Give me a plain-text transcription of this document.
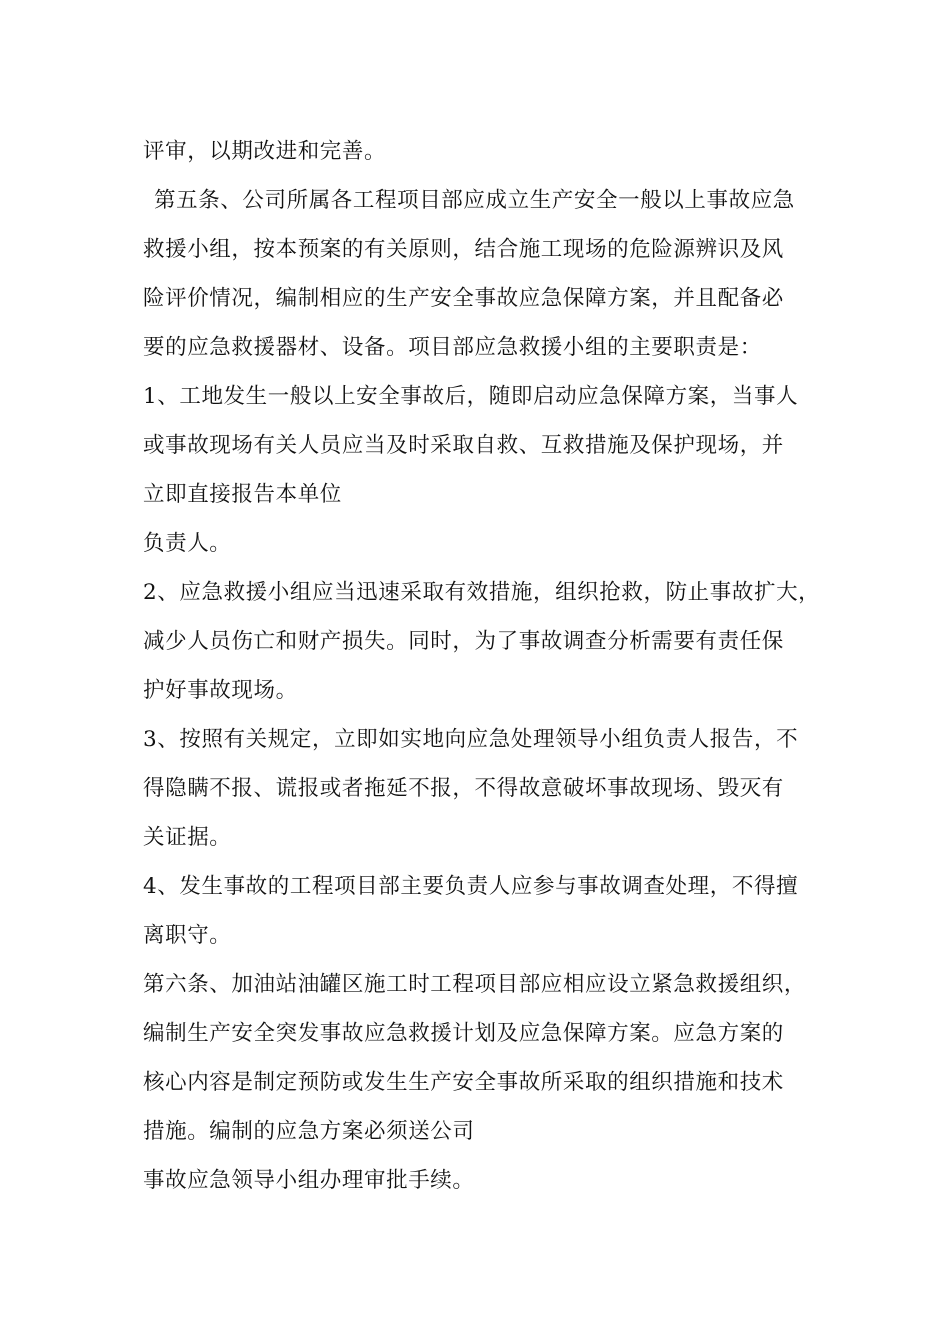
评审，以期改进和完善。
第五条、公司所属各工程项目部应成立生产安全一般以上事故应急
救援小组，按本预案的有关原则，结合施工现场的危险源辨识及风
险评价情况，编制相应的生产安全事故应急保障方案，并且配备必
要的应急救援器材、设备。项目部应急救援小组的主要职责是：
1、工地发生一般以上安全事故后，随即启动应急保障方案，当事人
或事故现场有关人员应当及时采取自救、互救措施及保护现场，并
立即直接报告本单位
负责人。
2、应急救援小组应当迅速采取有效措施，组织抢救，防止事故扩大，
减少人员伤亡和财产损失。同时，为了事故调查分析需要有责任保
护好事故现场。
3、按照有关规定，立即如实地向应急处理领导小组负责人报告，不
得隐瞒不报、谎报或者拖延不报，不得故意破坏事故现场、毁灭有
关证据。
4、发生事故的工程项目部主要负责人应参与事故调查处理，不得擅
离职守。
第六条、加油站油罐区施工时工程项目部应相应设立紧急救援组织，
编制生产安全突发事故应急救援计划及应急保障方案。应急方案的
核心内容是制定预防或发生生产安全事故所采取的组织措施和技术
措施。编制的应急方案必须送公司
事故应急领导小组办理审批手续。
